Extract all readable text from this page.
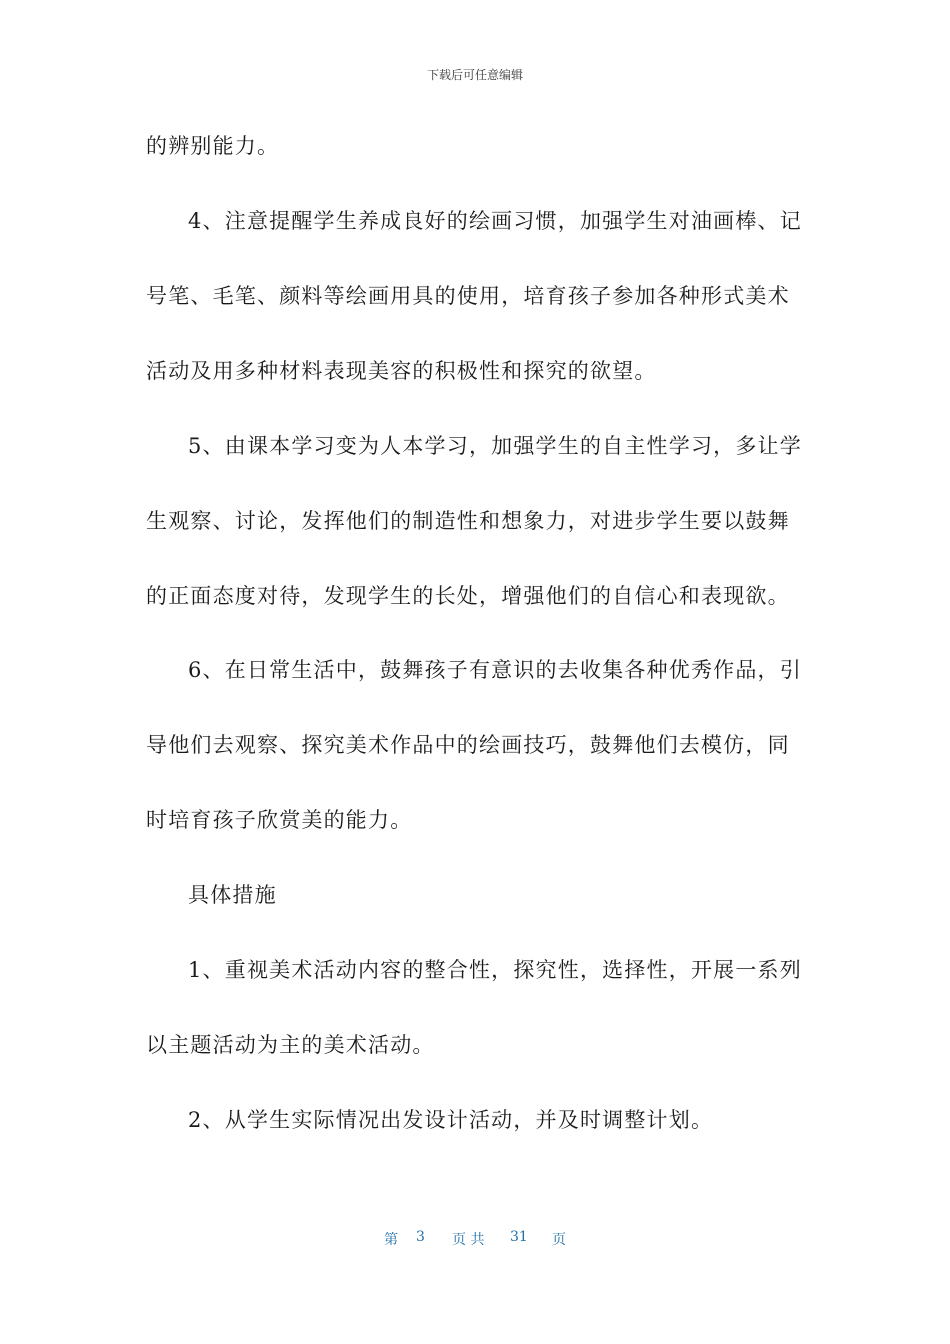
下载后可任意编辑
的辨别能力。
4、注意提醒学生养成良好的绘画习惯，加强学生对油画棒、记
号笔、毛笔、颜料等绘画用具的使用，培育孩子参加各种形式美术
活动及用多种材料表现美容的积极性和探究的欲望。
5、由课本学习变为人本学习，加强学生的自主性学习，多让学
生观察、讨论，发挥他们的制造性和想象力，对进步学生要以鼓舞
的正面态度对待，发现学生的长处，增强他们的自信心和表现欲。
6、在日常生活中，鼓舞孩子有意识的去收集各种优秀作品，引
导他们去观察、探究美术作品中的绘画技巧，鼓舞他们去模仿，同
时培育孩子欣赏美的能力。
具体措施
1、重视美术活动内容的整合性，探究性，选择性，开展一系列
以主题活动为主的美术活动。
2、从学生实际情况出发设计活动，并及时调整计划。

第

3

页 共

31

页
